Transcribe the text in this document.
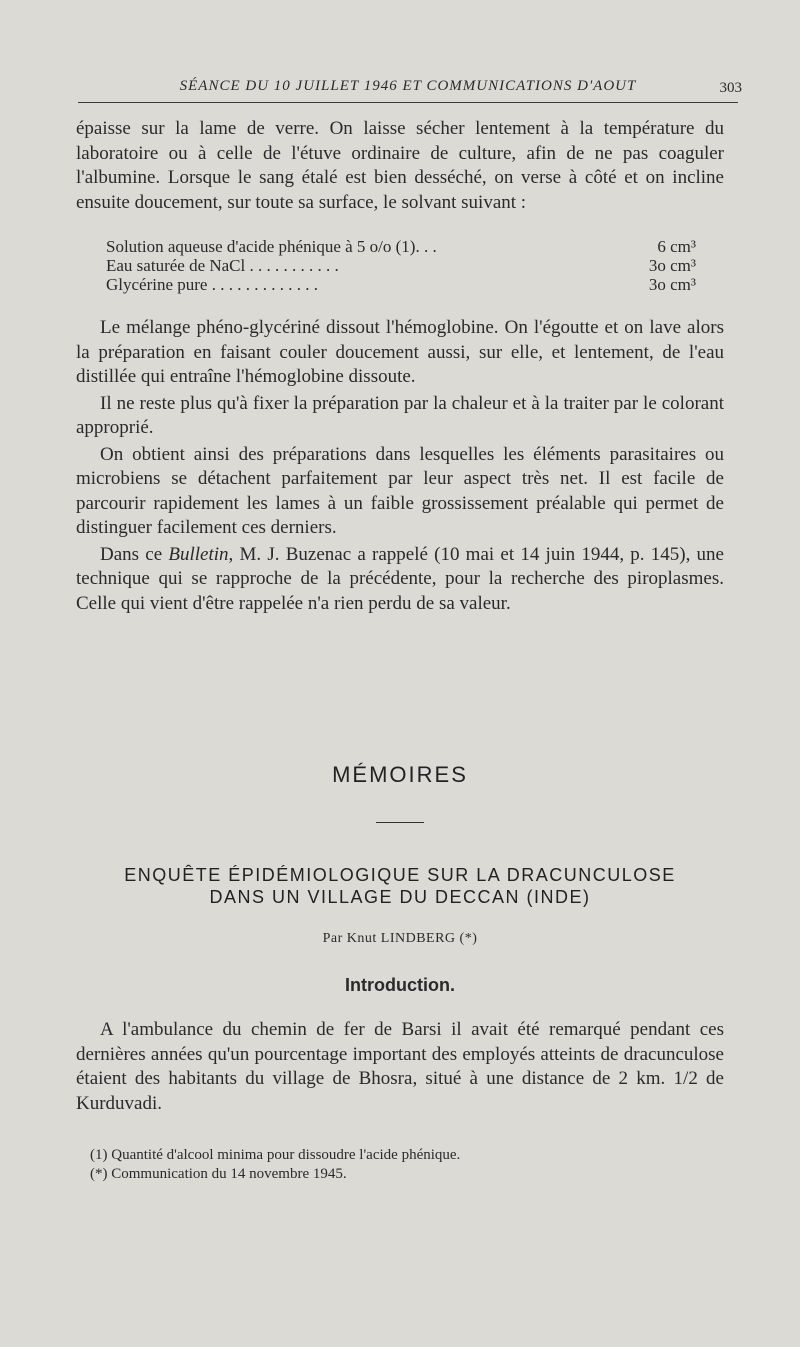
SÉANCE DU 10 JUILLET 1946 ET COMMUNICATIONS D'AOUT	303

épaisse sur la lame de verre. On laisse sécher lentement à la température du laboratoire ou à celle de l'étuve ordinaire de culture, afin de ne pas coaguler l'albumine. Lorsque le sang étalé est bien desséché, on verse à côté et on incline ensuite doucement, sur toute sa surface, le solvant suivant :

Solution aqueuse d'acide phénique à 5 o/o (1). . .	6 cm³
Eau saturée de NaCl . . . . . . . . . . .	3o cm³
Glycérine pure . . . . . . . . . . . . .	3o cm³

Le mélange phéno-glycériné dissout l'hémoglobine. On l'égoutte et on lave alors la préparation en faisant couler doucement aussi, sur elle, et lentement, de l'eau distillée qui entraîne l'hémoglobine dissoute.

Il ne reste plus qu'à fixer la préparation par la chaleur et à la traiter par le colorant approprié.

On obtient ainsi des préparations dans lesquelles les éléments parasitaires ou microbiens se détachent parfaitement par leur aspect très net. Il est facile de parcourir rapidement les lames à un faible grossissement préalable qui permet de distinguer facilement ces derniers.

Dans ce Bulletin, M. J. Buzenac a rappelé (10 mai et 14 juin 1944, p. 145), une technique qui se rapproche de la précédente, pour la recherche des piroplasmes. Celle qui vient d'être rappelée n'a rien perdu de sa valeur.

MÉMOIRES
ENQUÊTE ÉPIDÉMIOLOGIQUE SUR LA DRACUNCULOSE
DANS UN VILLAGE DU DECCAN (INDE)
Par Knut LINDBERG (*)
Introduction.

A l'ambulance du chemin de fer de Barsi il avait été remarqué pendant ces dernières années qu'un pourcentage important des employés atteints de dracunculose étaient des habitants du village de Bhosra, situé à une distance de 2 km. 1/2 de Kurduvadi.

(1) Quantité d'alcool minima pour dissoudre l'acide phénique.
(*) Communication du 14 novembre 1945.
